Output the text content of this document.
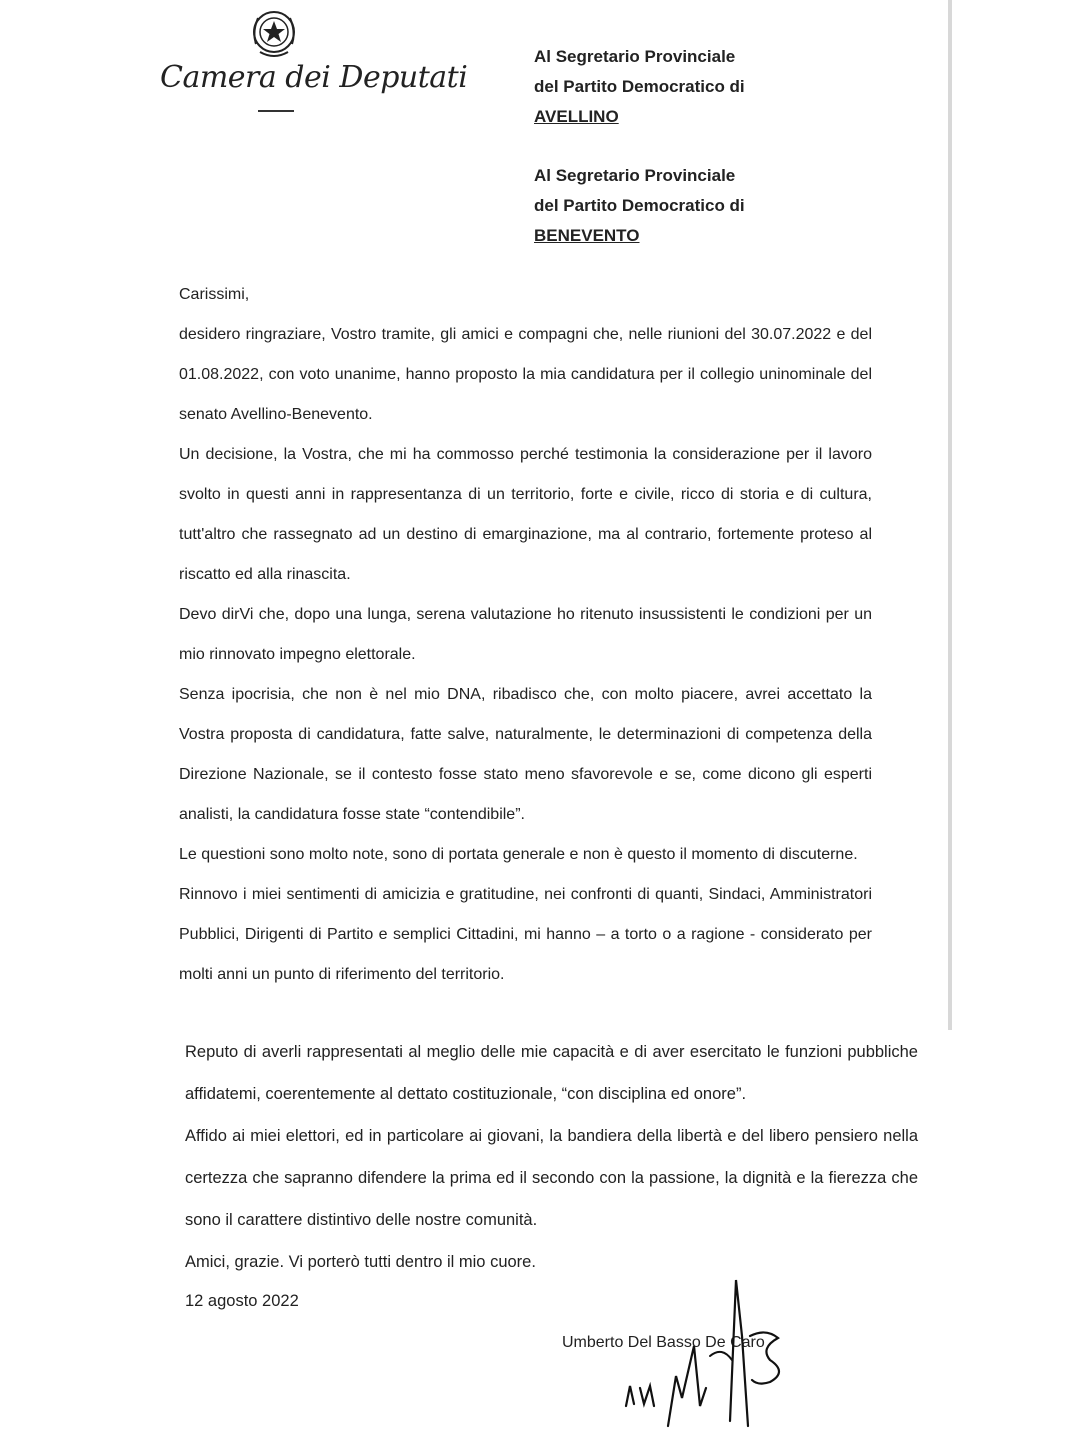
Camera dei Deputati
Al Segretario Provinciale
del Partito Democratico di
AVELLINO
Al Segretario Provinciale
del Partito Democratico di
BENEVENTO

Carissimi,

desidero ringraziare, Vostro tramite, gli amici e compagni che, nelle riunioni del 30.07.2022 e del 01.08.2022, con voto unanime, hanno proposto la mia candidatura per il collegio uninominale del senato Avellino-Benevento.

Un decisione, la Vostra, che mi ha commosso perché testimonia la considerazione per il lavoro svolto in questi anni in rappresentanza di un territorio, forte e civile, ricco di storia e di cultura, tutt'altro che rassegnato ad un destino di emarginazione, ma al contrario, fortemente proteso al riscatto ed alla rinascita.

Devo dirVi che, dopo una lunga, serena valutazione ho ritenuto insussistenti le condizioni per un mio rinnovato impegno elettorale.

Senza ipocrisia, che non è nel mio DNA, ribadisco che, con molto piacere, avrei accettato la Vostra proposta di candidatura, fatte salve, naturalmente, le determinazioni di competenza della Direzione Nazionale, se il contesto fosse stato meno sfavorevole e se, come dicono gli esperti analisti, la candidatura fosse state “contendibile”.

Le questioni sono molto note, sono di portata generale e non è questo il momento di discuterne.

Rinnovo i miei sentimenti di amicizia e gratitudine, nei confronti di quanti, Sindaci, Amministratori Pubblici, Dirigenti di Partito e semplici Cittadini, mi hanno – a torto o a ragione - considerato per molti anni un punto di riferimento del territorio.

Reputo di averli rappresentati al meglio delle mie capacità e di aver esercitato le funzioni pubbliche affidatemi, coerentemente al dettato costituzionale, “con disciplina ed onore”.

Affido ai miei elettori, ed in particolare ai giovani, la bandiera della libertà e del libero pensiero nella certezza che sapranno difendere la prima ed il secondo con la passione, la dignità e la fierezza che sono il carattere distintivo delle nostre comunità.

Amici, grazie. Vi porterò tutti dentro il mio cuore.

12 agosto 2022
Umberto Del Basso De Caro
